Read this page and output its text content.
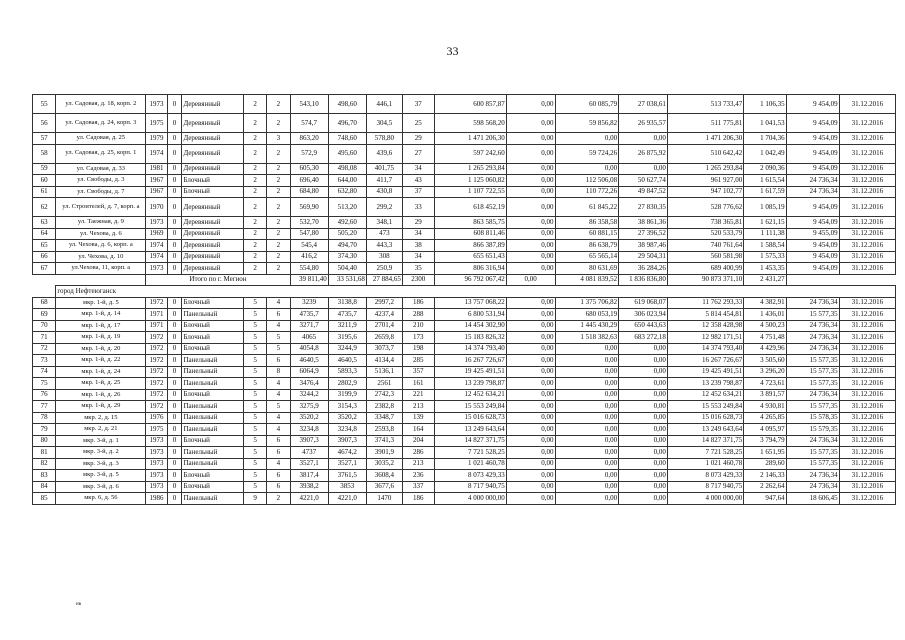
33
55	ул. Садовая, д. 18, корп. 2	1973	0	Деревянный	2	2	543,10	498,60	446,1	37	600 857,87	0,00	60 085,79	27 038,61	513 733,47	1 106,35	9 454,09	31.12.2016
56	ул. Садовая, д. 24, корп. 3	1975	0	Деревянный	2	2	574,7	496,70	304,5	25	598 568,20	0,00	59 856,82	26 935,57	511 775,81	1 041,53	9 454,09	31.12.2016
57	ул. Садовая, д. 25	1979	0	Деревянный	2	3	863,20	748,60	578,80	29	1 471 206,30	0,00	0,00	0,00	1 471 206,30	1 704,36	9 454,09	31.12.2016
58	ул. Садовая, д. 25, корп. 1	1974	0	Деревянный	2	2	572,9	495,60	439,6	27	597 242,60	0,00	59 724,26	26 875,92	510 642,42	1 042,49	9 454,09	31.12.2016
59	ул. Садовая, д. 33	1981	0	Деревянный	2	2	605,30	498,08	401,75	34	1 265 293,84	0,00	0,00	0,00	1 265 293,84	2 090,36	9 454,09	31.12.2016
60	ул. Свободы, д. 3	1967	0	Блочный	2	2	696,40	644,00	411,7	43	1 125 060,82	0,00	112 506,08	50 627,74	961 927,00	1 615,54	24 736,34	31.12.2016
61	ул. Свободы, д. 7	1967	0	Блочный	2	2	684,80	632,80	430,8	37	1 107 722,55	0,00	110 772,26	49 847,52	947 102,77	1 617,59	24 736,34	31.12.2016
62	ул. Строителей, д. 7, корп. а	1970	0	Деревянный	2	2	569,90	513,20	299,2	33	618 452,19	0,00	61 845,22	27 830,35	528 776,62	1 085,19	9 454,09	31.12.2016
63	ул. Таежная, д. 9	1973	0	Деревянный	2	2	532,70	492,60	348,1	29	863 585,75	0,00	86 358,58	38 861,36	738 365,81	1 621,15	9 454,09	31.12.2016
64	ул. Чехова, д. 6	1969	0	Деревянный	2	2	547,80	505,20	473	34	608 811,46	0,00	60 881,15	27 396,52	520 533,79	1 111,38	9 455,09	31.12.2016
65	ул. Чехова, д. 6, корп. а	1974	0	Деревянный	2	2	545,4	494,70	443,3	38	866 387,89	0,00	86 638,79	38 987,46	740 761,64	1 588,54	9 454,09	31.12.2016
66	ул. Чехова, д. 10	1974	0	Деревянный	2	2	416,2	374,30	308	34	655 651,43	0,00	65 565,14	29 504,31	560 581,98	1 575,33	9 454,09	31.12.2016
67	ул.Чехова, 11, корп. а	1973	0	Деревянный	2	2	554,80	504,40	250,9	35	806 316,94	0,00	80 631,69	36 284,26	689 400,99	1 453,35	9 454,09	31.12.2016
		Итого по г. Мегион					39 811,40	33 531,68	27 884,65	2300	96 792 067,42	0,00	4 081 839,52	1 836 836,80	90 873 371,10	2 431,27		
	город Нефтеюганск																	
68	мкр. 1-й, д. 5	1972	0	Блочный	5	4	3239	3138,8	2997,2	186	13 757 068,22	0,00	1 375 706,82	619 068,07	11 762 293,33	4 382,91	24 736,34	31.12.2016
69	мкр. 1-й, д. 14	1971	0	Панельный	5	6	4735,7	4735,7	4237,4	288	6 800 531,94	0,00	680 053,19	306 023,94	5 814 454,81	1 436,01	15 577,35	31.12.2016
70	мкр. 1-й, д. 17	1971	0	Блочный	5	4	3271,7	3211,9	2701,4	210	14 454 302,90	0,00	1 445 430,29	650 443,63	12 358 428,98	4 500,23	24 736,34	31.12.2016
71	мкр. 1-й, д. 19	1972	0	Блочный	5	5	4065	3195,6	2659,8	173	15 183 826,32	0,00	1 518 382,63	683 272,18	12 982 171,51	4 751,48	24 736,34	31.12.2016
72	мкр. 1-й, д. 20	1972	0	Блочный	5	5	4054,8	3244,9	3073,7	198	14 374 793,40	0,00	0,00	0,00	14 374 793,40	4 429,96	24 736,34	31.12.2016
73	мкр. 1-й, д. 22	1972	0	Панельный	5	6	4640,5	4640,5	4134,4	285	16 267 726,67	0,00	0,00	0,00	16 267 726,67	3 505,60	15 577,35	31.12.2016
74	мкр. 1-й, д. 24	1972	0	Панельный	5	8	6064,9	5893,3	5136,1	357	19 425 491,51	0,00	0,00	0,00	19 425 491,51	3 296,20	15 577,35	31.12.2016
75	мкр. 1-й, д. 25	1972	0	Панельный	5	4	3476,4	2802,9	2561	161	13 239 798,87	0,00	0,00	0,00	13 239 798,87	4 723,61	15 577,35	31.12.2016
76	мкр. 1-й, д. 26	1972	0	Блочный	5	4	3244,2	3199,9	2742,3	221	12 452 634,21	0,00	0,00	0,00	12 452 634,21	3 891,57	24 736,34	31.12.2016
77	мкр. 1-й, д. 29	1972	0	Панельный	5	5	3275,9	3154,3	2382,8	213	15 553 249,84	0,00	0,00	0,00	15 553 249,84	4 930,81	15 577,35	31.12.2016
78	мкр. 2, д. 15	1976	0	Панельный	5	4	3520,2	3520,2	3348,7	139	15 016 628,73	0,00	0,00	0,00	15 016 628,73	4 265,85	15 578,35	31.12.2016
79	мкр. 2, д. 21	1975	0	Панельный	5	4	3234,8	3234,8	2593,8	164	13 249 643,64	0,00	0,00	0,00	13 249 643,64	4 095,97	15 579,35	31.12.2016
80	мкр. 3-й, д. 1	1973	0	Блочный	5	6	3907,3	3907,3	3741,3	204	14 827 371,75	0,00	0,00	0,00	14 827 371,75	3 794,79	24 736,34	31.12.2016
81	мкр. 3-й, д. 2	1973	0	Панельный	5	6	4737	4674,2	3901,9	286	7 721 528,25	0,00	0,00	0,00	7 721 528,25	1 651,95	15 577,35	31.12.2016
82	мкр. 3-й, д. 3	1973	0	Панельный	5	4	3527,1	3527,1	3035,2	213	1 021 460,78	0,00	0,00	0,00	1 021 460,78	289,60	15 577,35	31.12.2016
83	мкр. 3-й, д. 5	1973	0	Блочный	5	6	3817,4	3761,5	3608,4	236	8 073 429,33	0,00	0,00	0,00	8 073 429,33	2 146,33	24 736,34	31.12.2016
84	мкр. 3-й, д. 6	1973	0	Блочный	5	6	3938,2	3853	3677,6	337	8 717 940,75	0,00	0,00	0,00	8 717 940,75	2 262,64	24 736,34	31.12.2016
85	мкр. 6, д. 56	1986	0	Панельный	9	2	4221,0	4221,0	1470	186	4 000 000,00	0,00	0,00	0,00	4 000 000,00	947,64	18 606,45	31.12.2016
нв
